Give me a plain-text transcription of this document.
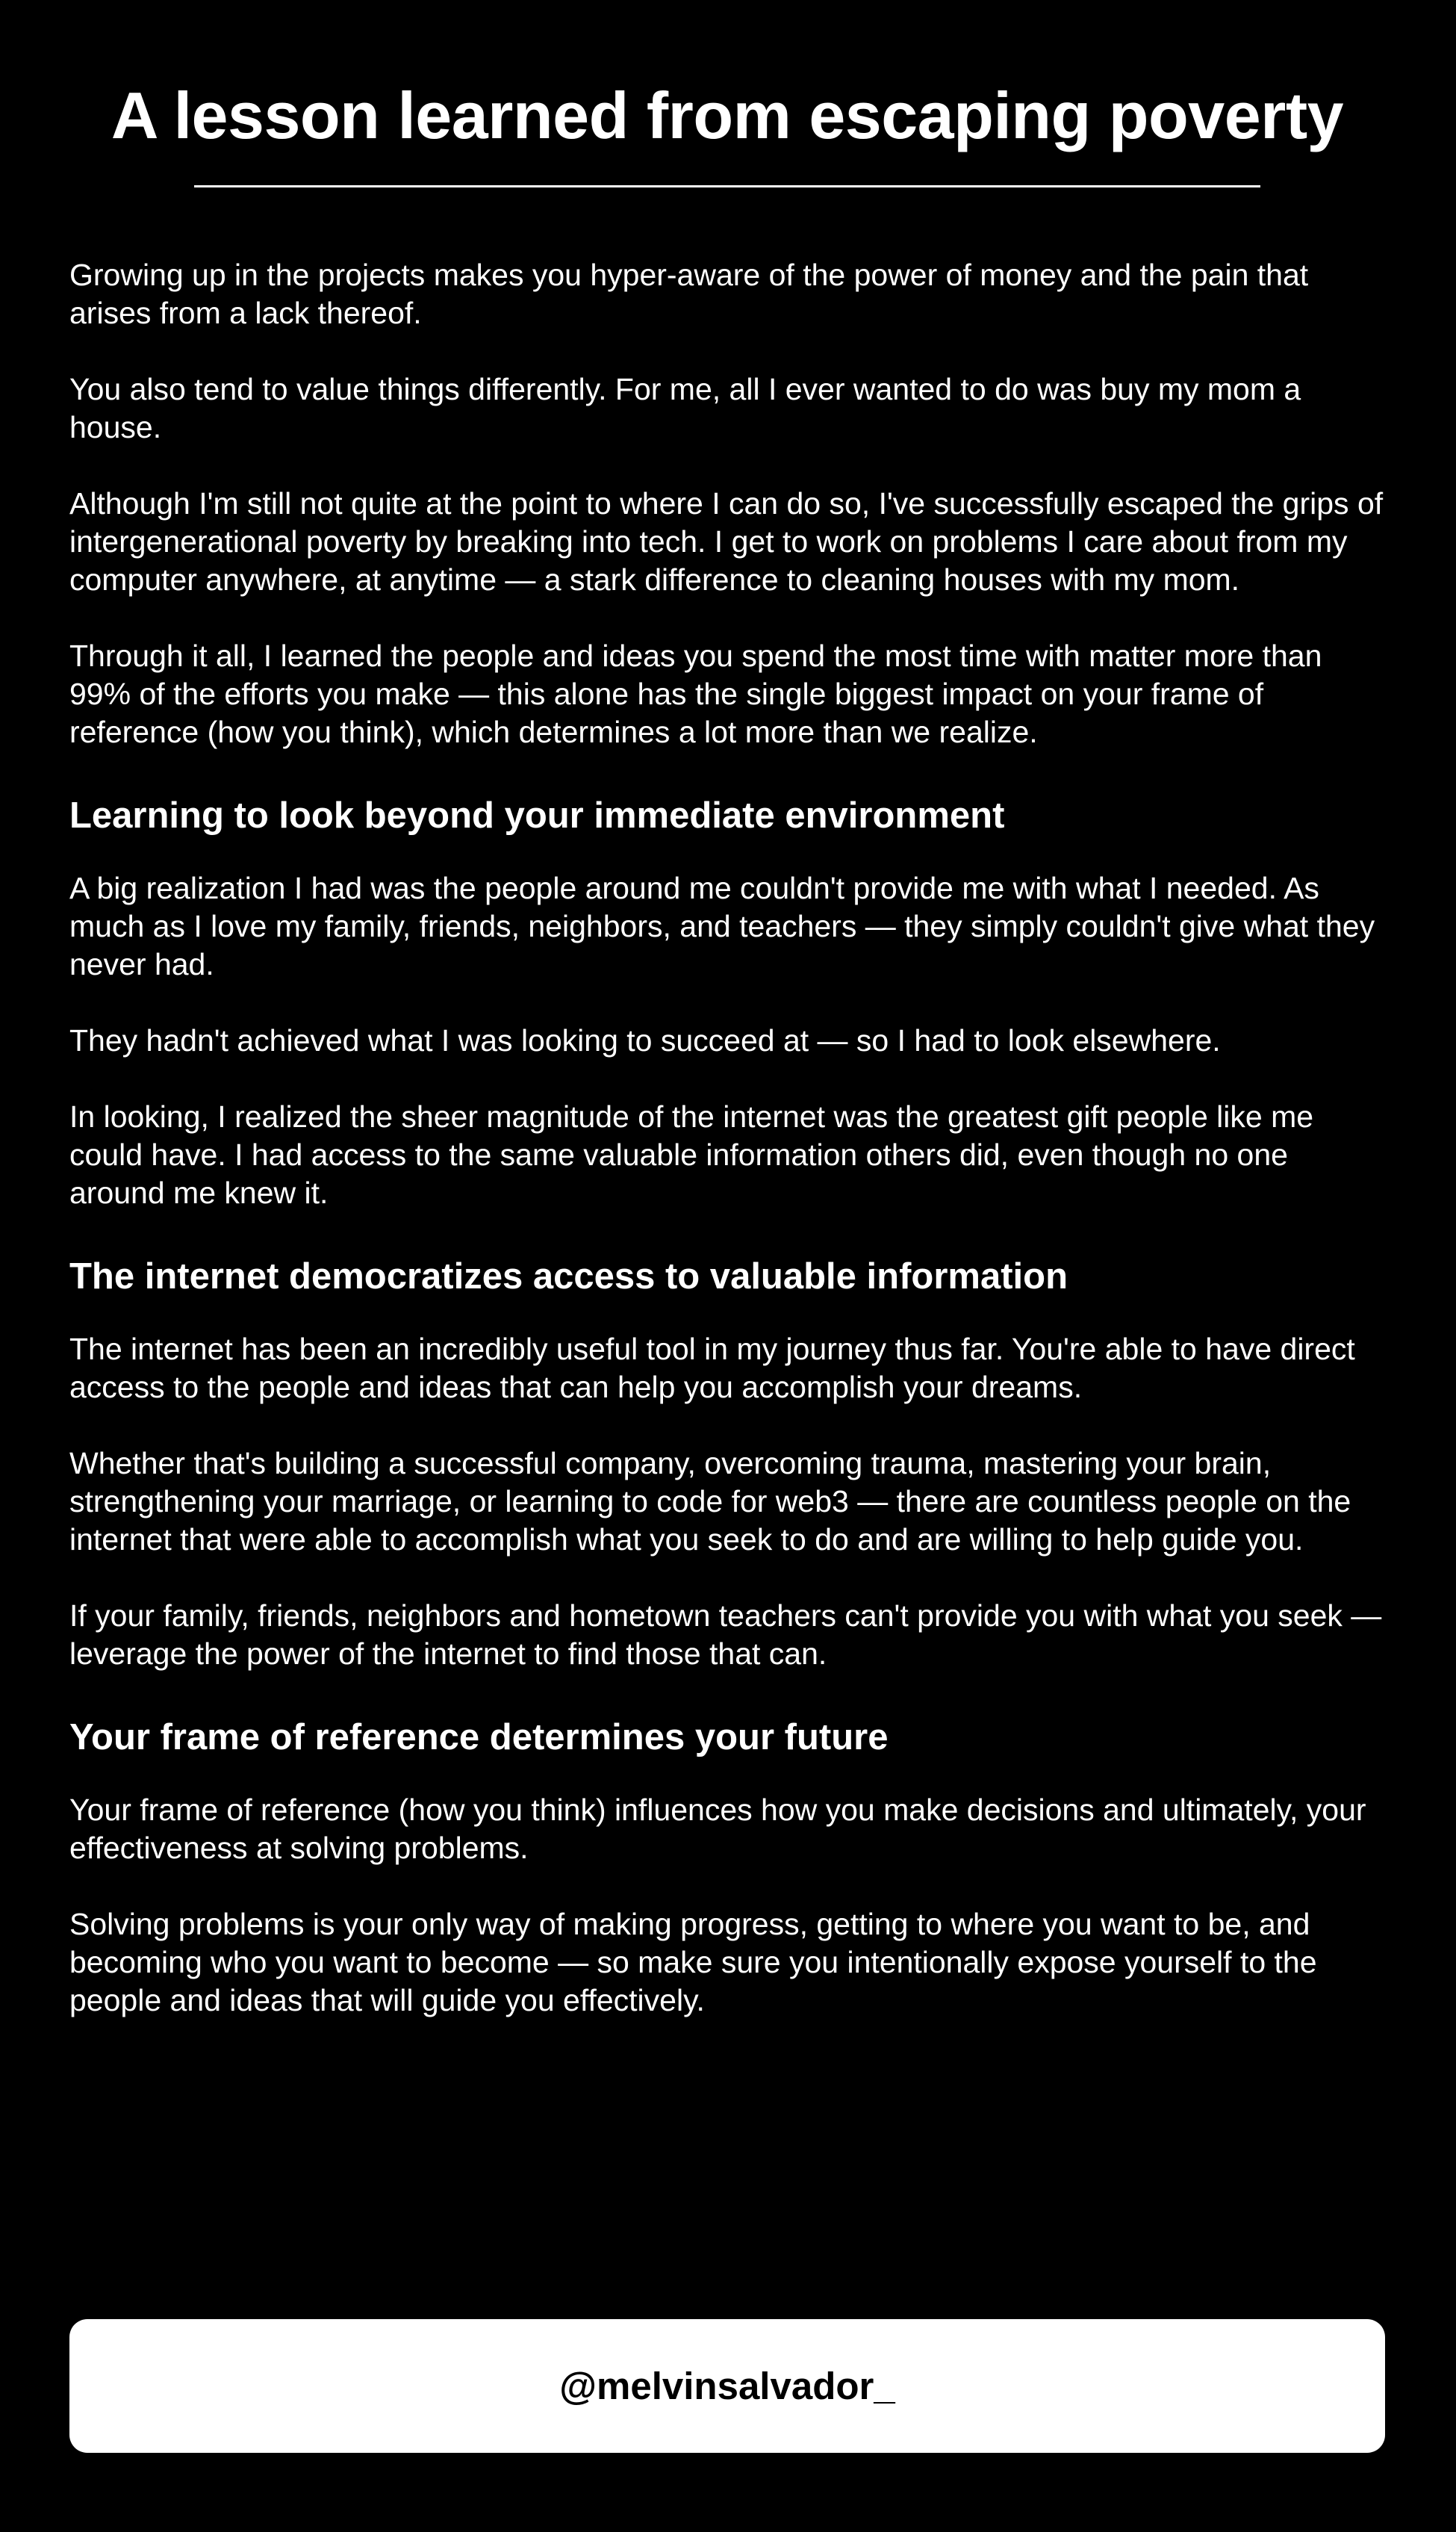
A lesson learned from escaping poverty

Growing up in the projects makes you hyper-aware of the power of money and the pain that arises from a lack thereof.

You also tend to value things differently. For me, all I ever wanted to do was buy my mom a house.

Although I'm still not quite at the point to where I can do so, I've successfully escaped the grips of intergenerational poverty by breaking into tech. I get to work on problems I care about from my computer anywhere, at anytime — a stark difference to cleaning houses with my mom.

Through it all, I learned the people and ideas you spend the most time with matter more than 99% of the efforts you make — this alone has the single biggest impact on your frame of reference (how you think), which determines a lot more than we realize.

Learning to look beyond your immediate environment

A big realization I had was the people around me couldn't provide me with what I needed. As much as I love my family, friends, neighbors, and teachers — they simply couldn't give what they never had.

They hadn't achieved what I was looking to succeed at — so I had to look elsewhere.

In looking, I realized the sheer magnitude of the internet was the greatest gift people like me could have. I had access to the same valuable information others did, even though no one around me knew it.

The internet democratizes access to valuable information

The internet has been an incredibly useful tool in my journey thus far. You're able to have direct access to the people and ideas that can help you accomplish your dreams.

Whether that's building a successful company, overcoming trauma, mastering your brain, strengthening your marriage, or learning to code for web3 — there are countless people on the internet that were able to accomplish what you seek to do and are willing to help guide you.

If your family, friends, neighbors and hometown teachers can't provide you with what you seek — leverage the power of the internet to find those that can.

Your frame of reference determines your future

Your frame of reference (how you think) influences how you make decisions and ultimately, your effectiveness at solving problems.

Solving problems is your only way of making progress, getting to where you want to be, and becoming who you want to become — so make sure you intentionally expose yourself to the people and ideas that will guide you effectively.

@melvinsalvador_
